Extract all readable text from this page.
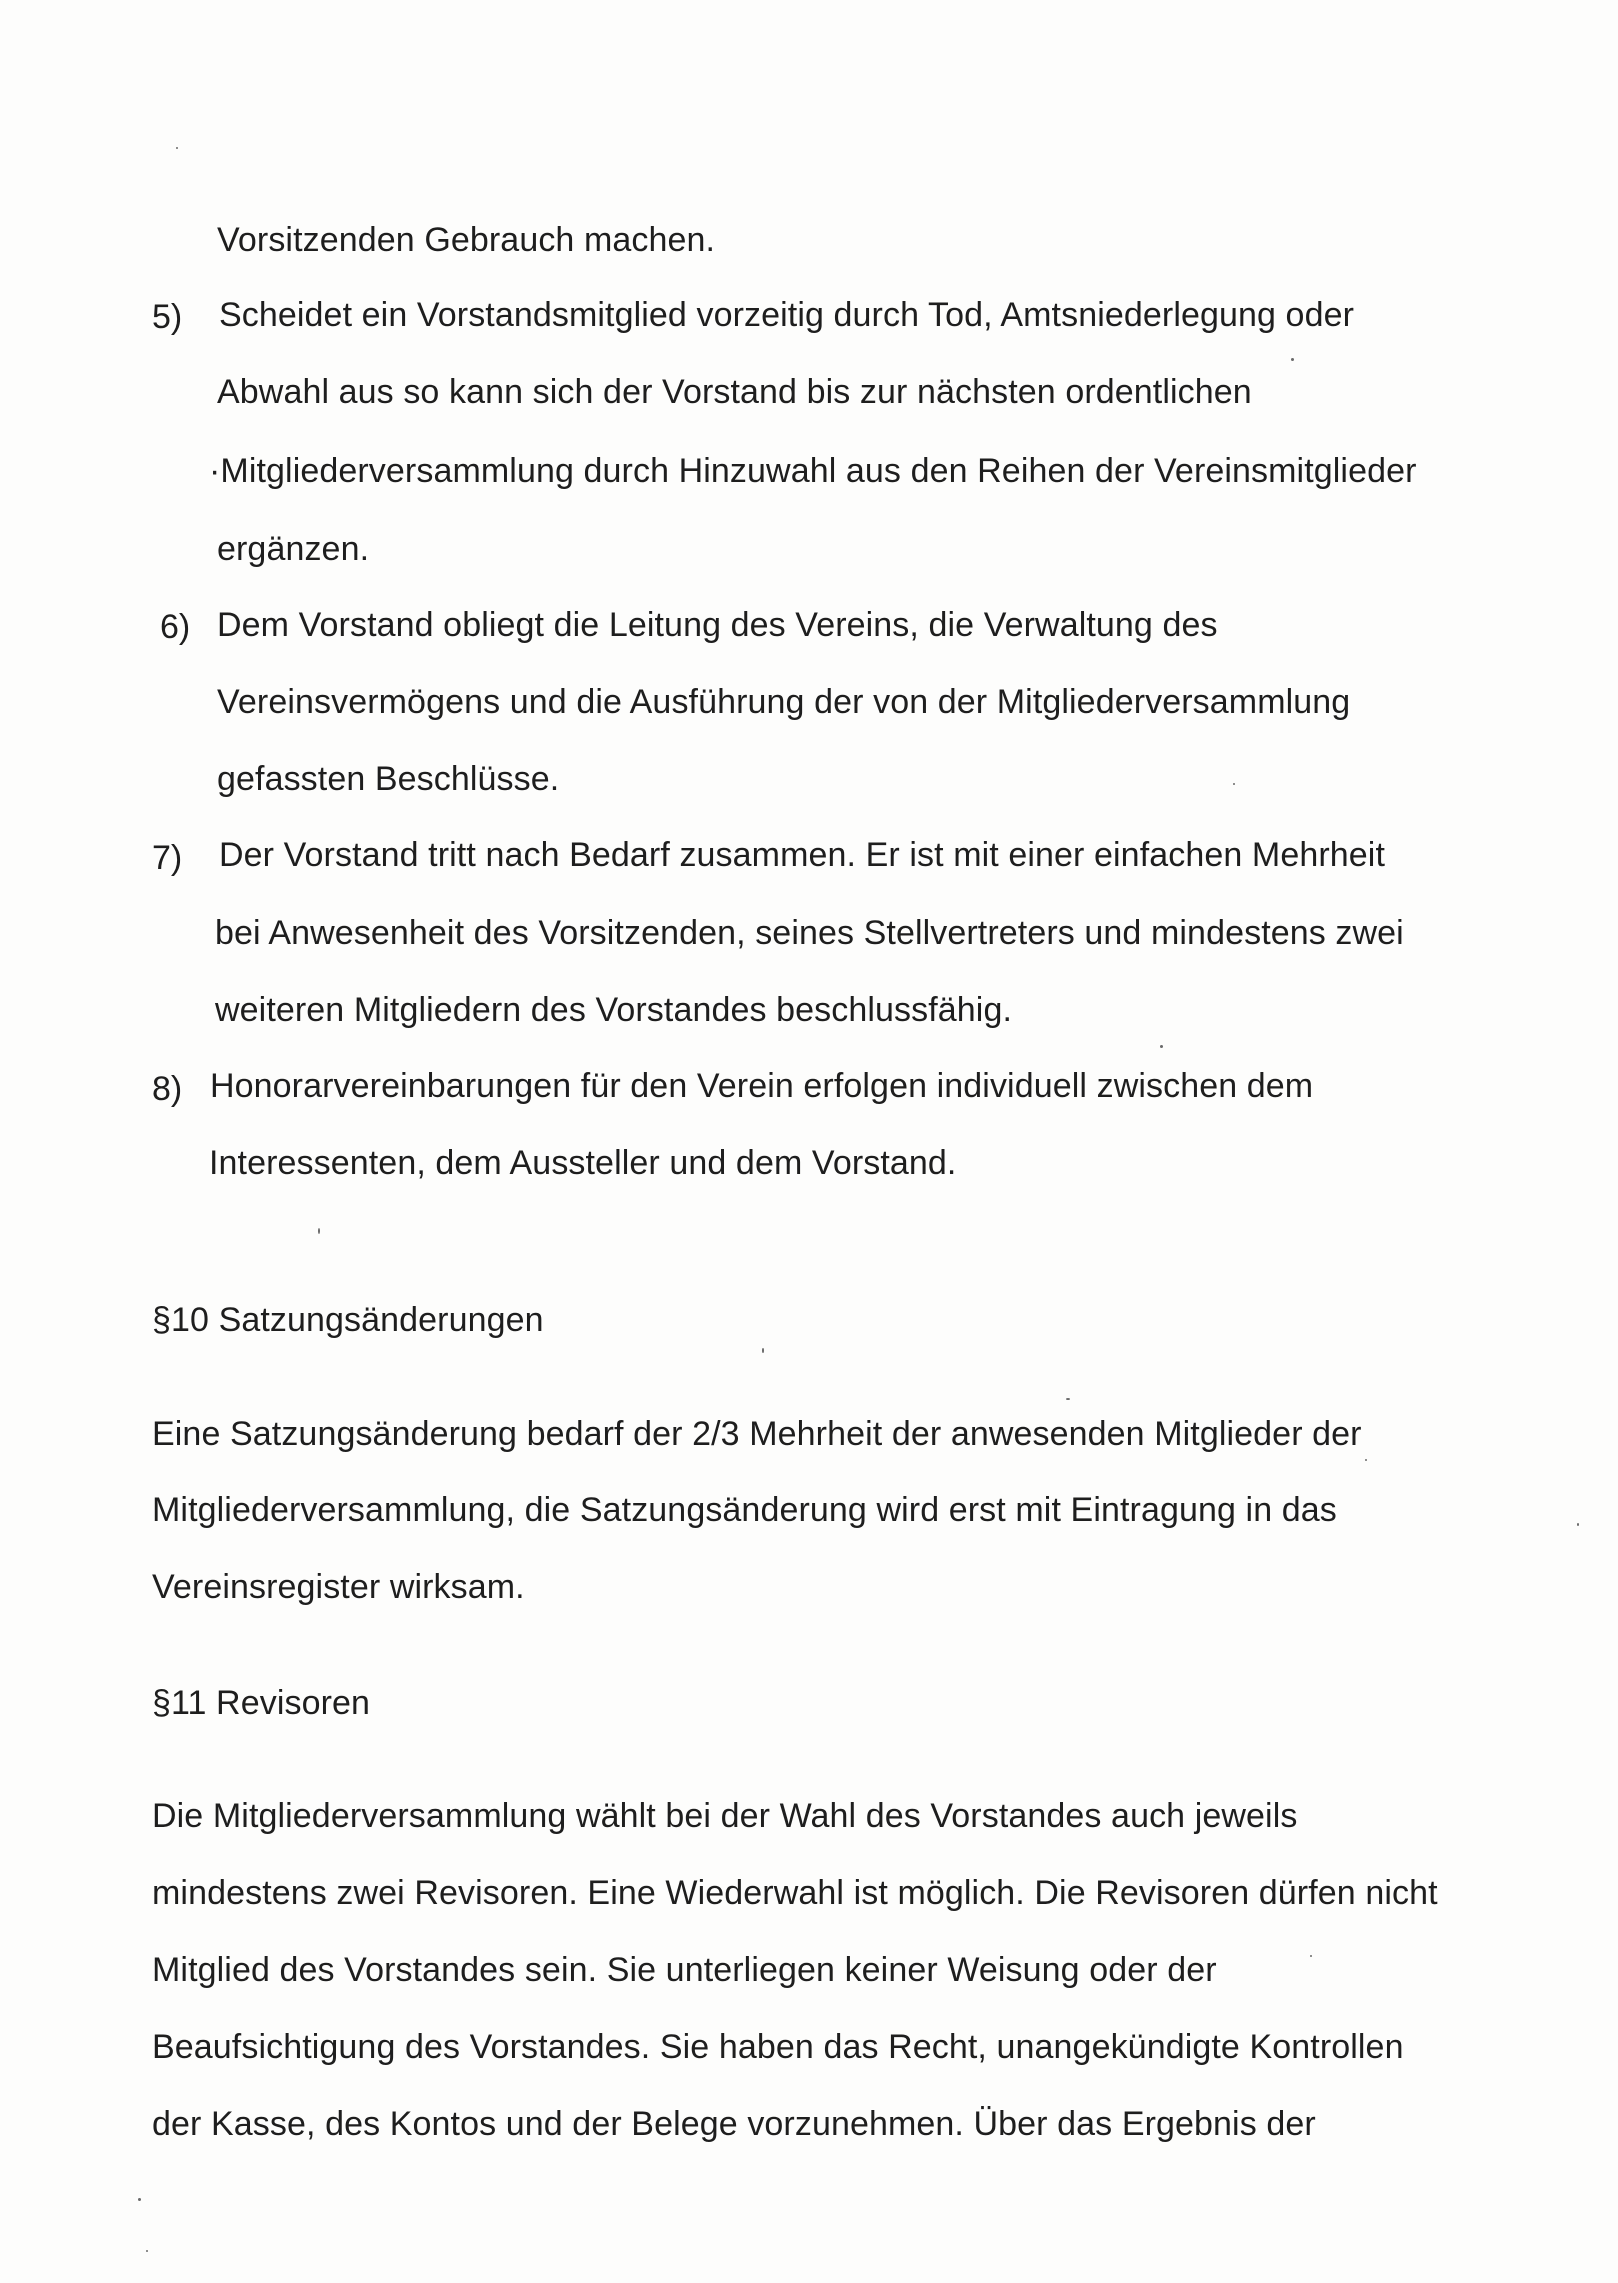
Vorsitzenden Gebrauch machen.
5) Scheidet ein Vorstandsmitglied vorzeitig durch Tod, Amtsniederlegung oder
Abwahl aus so kann sich der Vorstand bis zur nächsten ordentlichen
·Mitgliederversammlung durch Hinzuwahl aus den Reihen der Vereinsmitglieder
ergänzen.
6) Dem Vorstand obliegt die Leitung des Vereins, die Verwaltung des
Vereinsvermögens und die Ausführung der von der Mitgliederversammlung
gefassten Beschlüsse.
7) Der Vorstand tritt nach Bedarf zusammen. Er ist mit einer einfachen Mehrheit
bei Anwesenheit des Vorsitzenden, seines Stellvertreters und mindestens zwei
weiteren Mitgliedern des Vorstandes beschlussfähig.
8) Honorarvereinbarungen für den Verein erfolgen individuell zwischen dem
Interessenten, dem Aussteller und dem Vorstand.
§10 Satzungsänderungen
Eine Satzungsänderung bedarf der 2/3 Mehrheit der anwesenden Mitglieder der
Mitgliederversammlung, die Satzungsänderung wird erst mit Eintragung in das
Vereinsregister wirksam.
§11 Revisoren
Die Mitgliederversammlung wählt bei der Wahl des Vorstandes auch jeweils
mindestens zwei Revisoren. Eine Wiederwahl ist möglich. Die Revisoren dürfen nicht
Mitglied des Vorstandes sein. Sie unterliegen keiner Weisung oder der
Beaufsichtigung des Vorstandes. Sie haben das Recht, unangekündigte Kontrollen
der Kasse, des Kontos und der Belege vorzunehmen. Über das Ergebnis der
